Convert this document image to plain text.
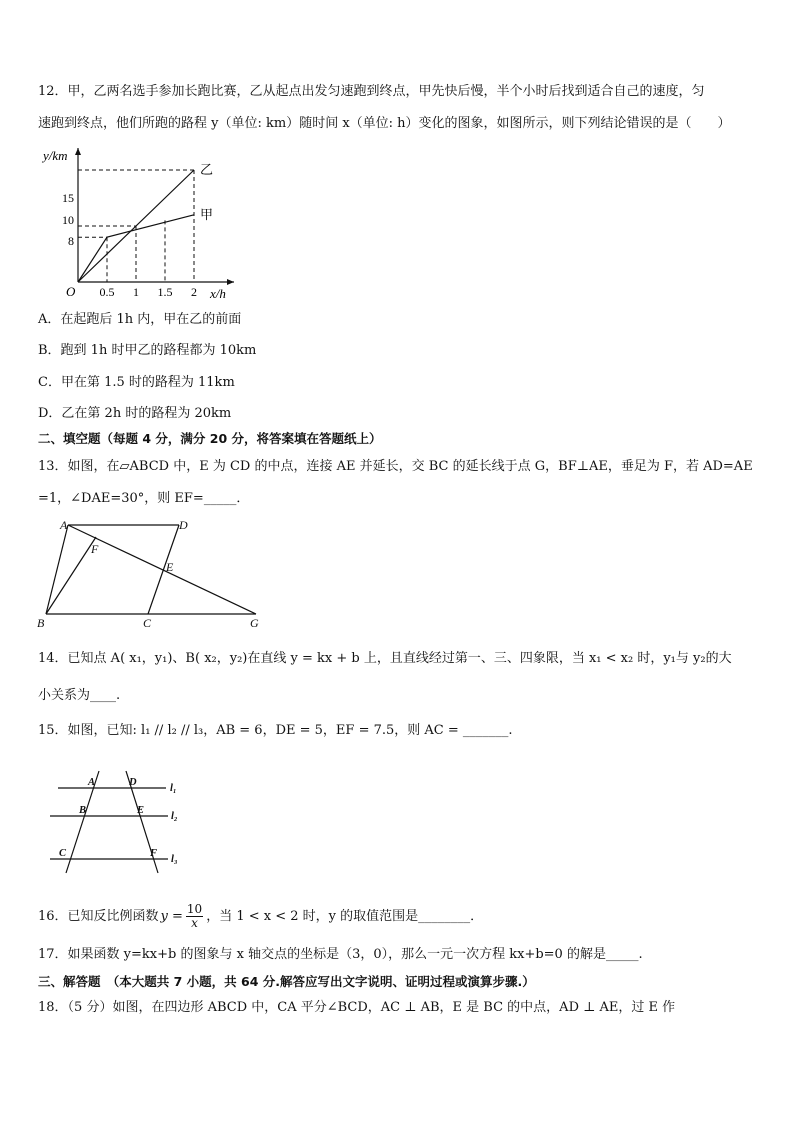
12．甲，乙两名选手参加长跑比赛，乙从起点出发匀速跑到终点，甲先快后慢，半个小时后找到适合自己的速度，匀
速跑到终点，他们所跑的路程 y（单位: km）随时间 x（单位: h）变化的图象，如图所示，则下列结论错误的是（　　）
乙
甲
0.5 1 1.5 2
8
10
15
O
y/km
x/h
A．在起跑后 1h 内，甲在乙的前面
B．跑到 1h 时甲乙的路程都为 10km
C．甲在第 1.5 时的路程为 11km
D．乙在第 2h 时的路程为 20km
二、填空题（每题 4 分，满分 20 分，将答案填在答题纸上）
13．如图，在▱ABCD 中，E 为 CD 的中点，连接 AE 并延长，交 BC 的延长线于点 G，BF⊥AE，垂足为 F，若 AD=AE
=1，∠DAE=30°，则 EF=_____．
A	D
F
E
B	C	G
14．已知点 A( x₁，y₁)、B( x₂，y₂)在直线 y = kx + b 上，且直线经过第一、三、四象限，当 x₁ < x₂ 时，y₁与 y₂的大
小关系为____.
15．如图，已知: l₁ // l₂ // l₃，AB = 6，DE = 5，EF = 7.5，则 AC = _______.
A
B
C
D
E
F
l₁
l₂
l₃
16．已知反比例函数 $y = \frac{10}{x}$ ，当 1 < x < 2 时，y 的取值范围是________．
17．如果函数 y=kx+b 的图象与 x 轴交点的坐标是（3，0），那么一元一次方程 kx+b=0 的解是_____.
三、解答题　（本大题共 7 小题，共 64 分.解答应写出文字说明、证明过程或演算步骤.）
18．（5 分）如图，在四边形 ABCD 中，CA 平分∠BCD，AC ⊥ AB，E 是 BC 的中点，AD ⊥ AE，过 E 作
